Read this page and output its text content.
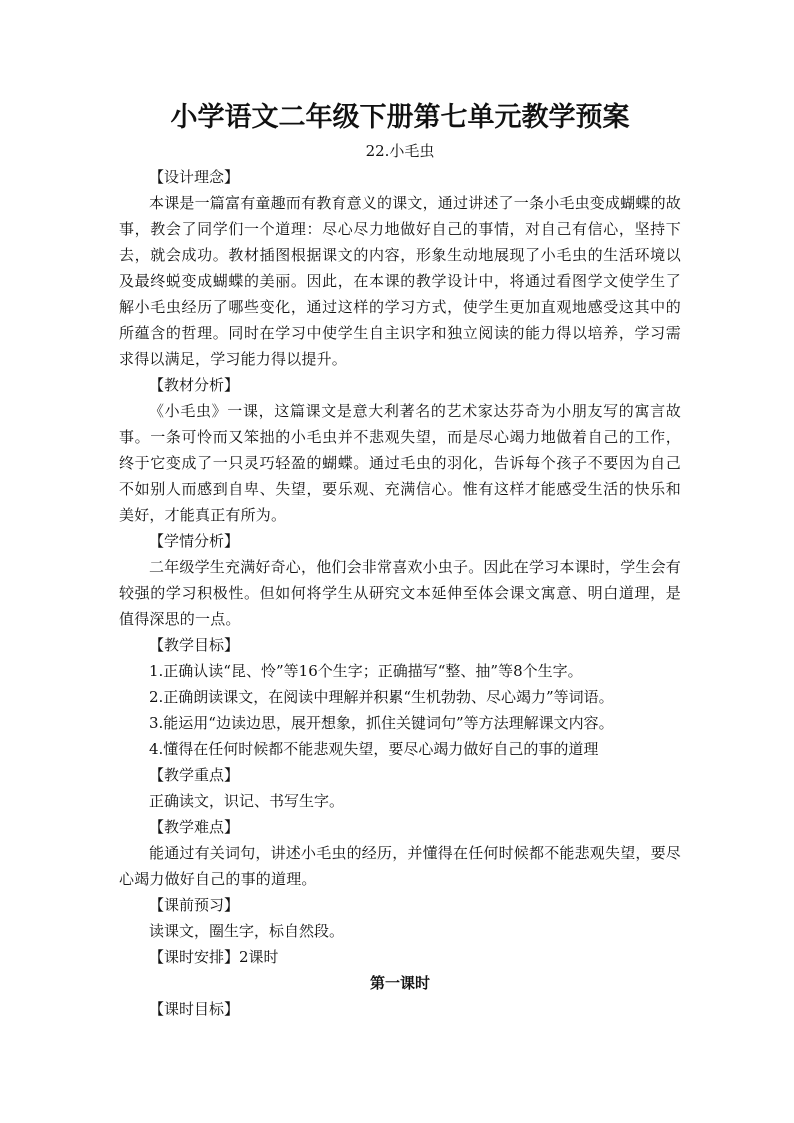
小学语文二年级下册第七单元教学预案
22.小毛虫
【设计理念】

本课是一篇富有童趣而有教育意义的课文，通过讲述了一条小毛虫变成蝴蝶的故事，教会了同学们一个道理：尽心尽力地做好自己的事情，对自己有信心，坚持下去，就会成功。教材插图根据课文的内容，形象生动地展现了小毛虫的生活环境以及最终蜕变成蝴蝶的美丽。因此，在本课的教学设计中，将通过看图学文使学生了解小毛虫经历了哪些变化，通过这样的学习方式，使学生更加直观地感受这其中的所蕴含的哲理。同时在学习中使学生自主识字和独立阅读的能力得以培养，学习需求得以满足，学习能力得以提升。

【教材分析】

《小毛虫》一课，这篇课文是意大利著名的艺术家达芬奇为小朋友写的寓言故事。一条可怜而又笨拙的小毛虫并不悲观失望，而是尽心竭力地做着自己的工作，终于它变成了一只灵巧轻盈的蝴蝶。通过毛虫的羽化，告诉每个孩子不要因为自己不如别人而感到自卑、失望，要乐观、充满信心。惟有这样才能感受生活的快乐和美好，才能真正有所为。

【学情分析】

二年级学生充满好奇心，他们会非常喜欢小虫子。因此在学习本课时，学生会有较强的学习积极性。但如何将学生从研究文本延伸至体会课文寓意、明白道理，是值得深思的一点。

【教学目标】
1.正确认读“昆、怜”等16个生字；正确描写“整、抽”等8个生字。
2.正确朗读课文，在阅读中理解并积累“生机勃勃、尽心竭力”等词语。
3.能运用“边读边思，展开想象，抓住关键词句”等方法理解课文内容。
4.懂得在任何时候都不能悲观失望，要尽心竭力做好自己的事的道理
【教学重点】
正确读文，识记、书写生字。
【教学难点】

能通过有关词句，讲述小毛虫的经历，并懂得在任何时候都不能悲观失望，要尽心竭力做好自己的事的道理。

【课前预习】
读课文，圈生字，标自然段。
【课时安排】2课时
第一课时
【课时目标】
